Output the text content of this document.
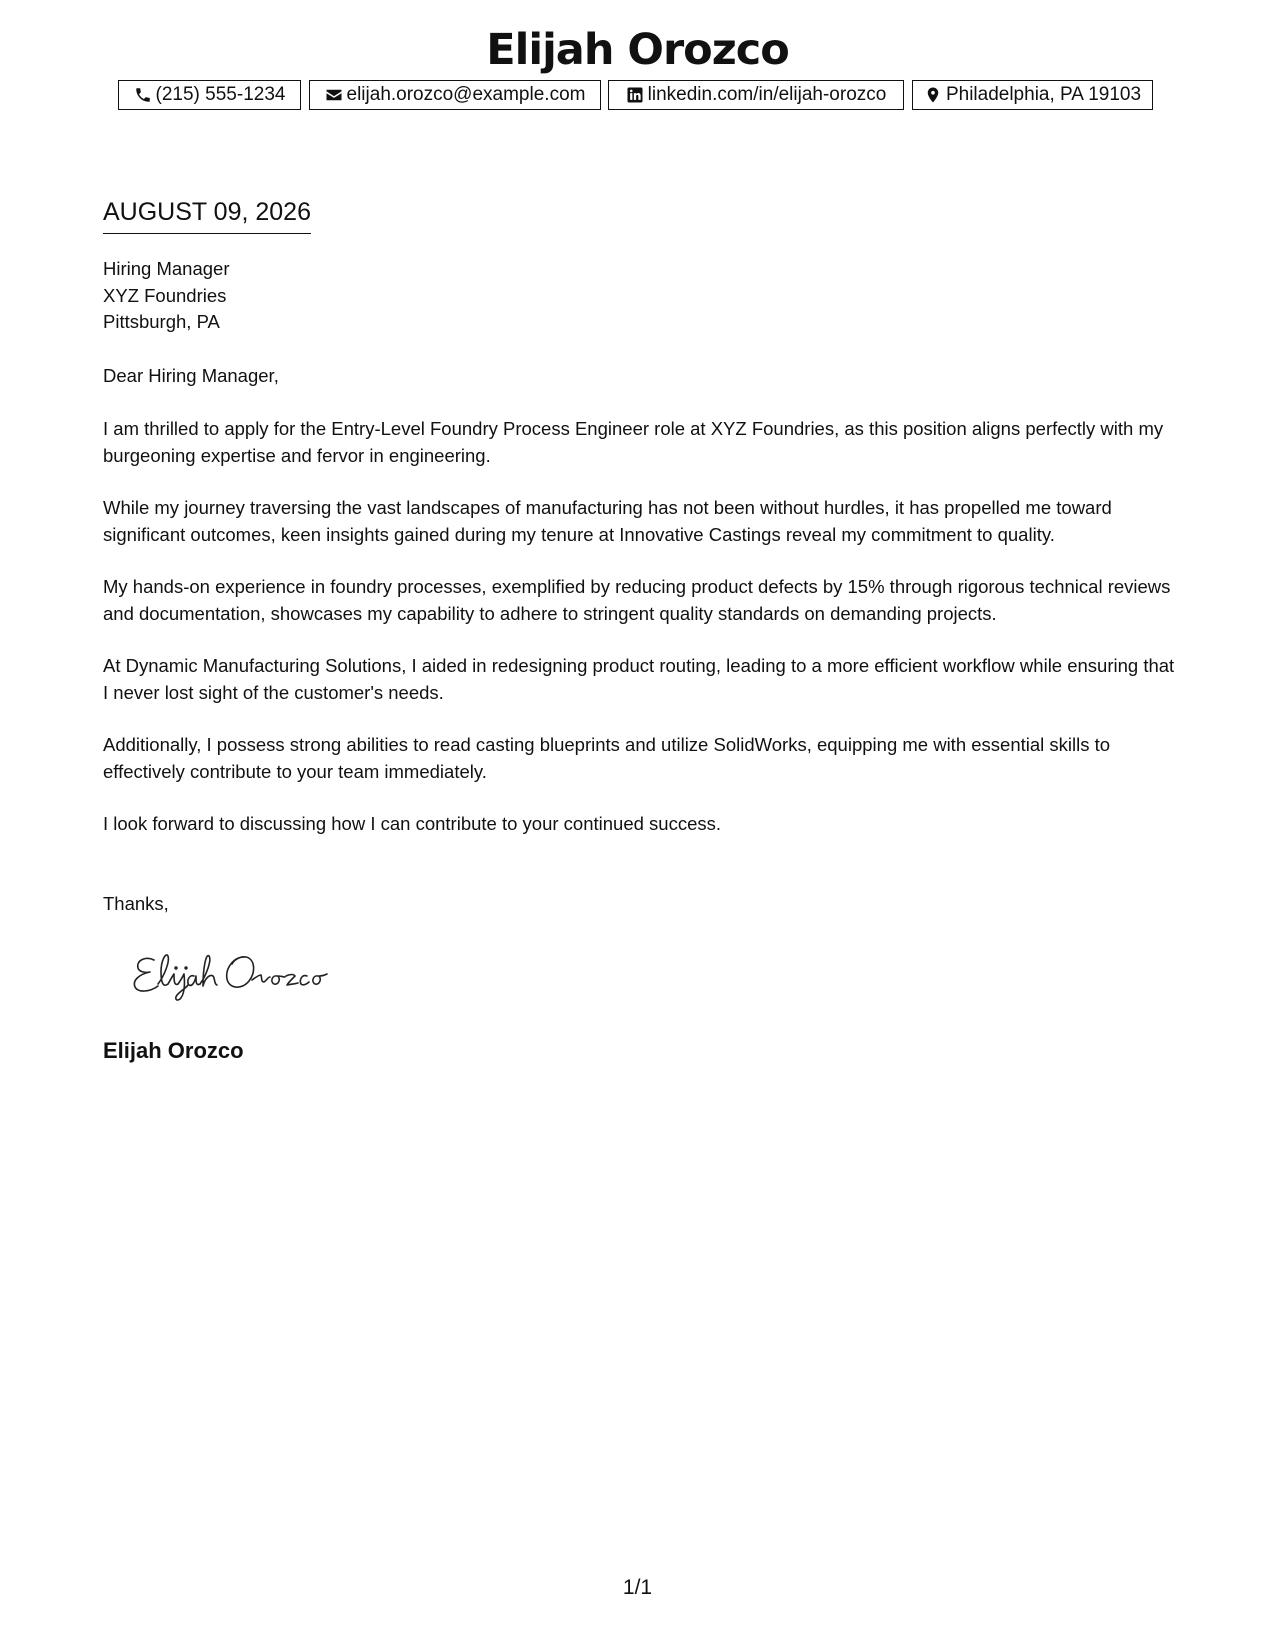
Elijah Orozco
(215) 555-1234	elijah.orozco@example.com	linkedin.com/in/elijah-orozco	Philadelphia, PA 19103
AUGUST 09, 2026
Hiring Manager
XYZ Foundries
Pittsburgh, PA
Dear Hiring Manager,

I am thrilled to apply for the Entry-Level Foundry Process Engineer role at XYZ Foundries, as this position aligns perfectly with my burgeoning expertise and fervor in engineering.

While my journey traversing the vast landscapes of manufacturing has not been without hurdles, it has propelled me toward significant outcomes, keen insights gained during my tenure at Innovative Castings reveal my commitment to quality.

My hands-on experience in foundry processes, exemplified by reducing product defects by 15% through rigorous technical reviews and documentation, showcases my capability to adhere to stringent quality standards on demanding projects.

At Dynamic Manufacturing Solutions, I aided in redesigning product routing, leading to a more efficient workflow while ensuring that I never lost sight of the customer's needs.

Additionally, I possess strong abilities to read casting blueprints and utilize SolidWorks, equipping me with essential skills to effectively contribute to your team immediately.

I look forward to discussing how I can contribute to your continued success.

Thanks,
Elijah Orozco
1/1
